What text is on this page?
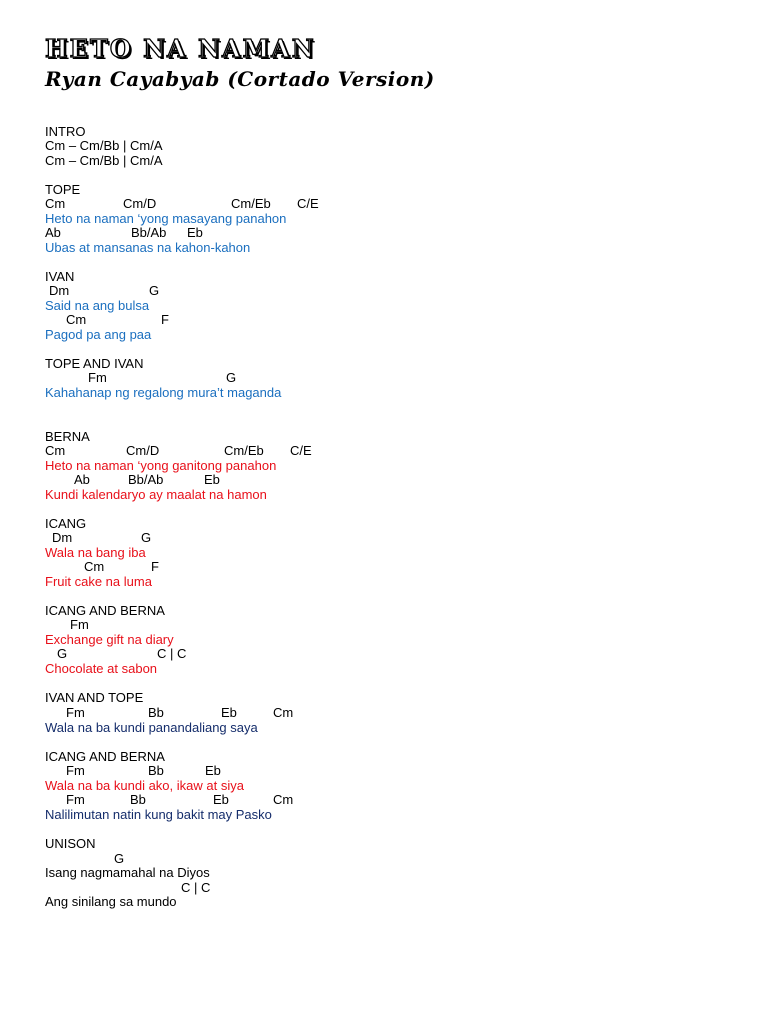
HETO NA NAMAN
Ryan Cayabyab (Cortado Version)
INTRO
Cm – Cm/Bb | Cm/A
Cm – Cm/Bb | Cm/A
TOPE
Cm	Cm/D	Cm/Eb C/E
Heto na naman ‘yong masayang panahon
Ab	Bb/Ab Eb
Ubas at mansanas na kahon-kahon
IVAN
Dm	G
Said na ang bulsa
Cm	F
Pagod pa ang paa
TOPE AND IVAN
Fm	G
Kahahanap ng regalong mura’t maganda
BERNA
Cm	Cm/D	Cm/Eb C/E
Heto na naman ‘yong ganitong panahon
Ab	Bb/Ab	Eb
Kundi kalendaryo ay maalat na hamon
ICANG
Dm	G
Wala na bang iba
Cm	F
Fruit cake na luma
ICANG AND BERNA
Fm
Exchange gift na diary
G	C | C
Chocolate at sabon
IVAN AND TOPE
Fm	Bb	Eb	Cm
Wala na ba kundi panandaliang saya
ICANG AND BERNA
Fm	Bb	Eb
Wala na ba kundi ako, ikaw at siya
Fm	Bb	Eb	Cm
Nalilimutan natin kung bakit may Pasko
UNISON
G
Isang nagmamahal na Diyos
C | C
Ang sinilang sa mundo
